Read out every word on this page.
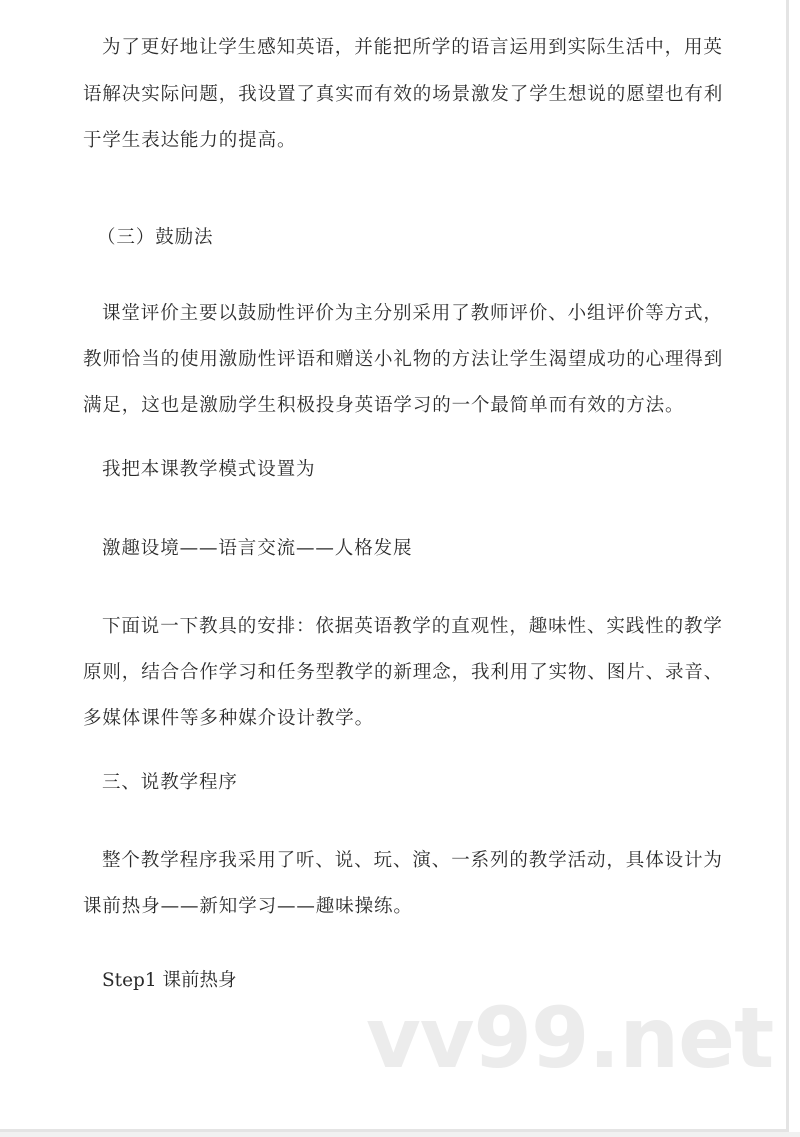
为了更好地让学生感知英语，并能把所学的语言运用到实际生活中，用英
语解决实际问题，我设置了真实而有效的场景激发了学生想说的愿望也有利
于学生表达能力的提高。
（三）鼓励法
课堂评价主要以鼓励性评价为主分别采用了教师评价、小组评价等方式，
教师恰当的使用激励性评语和赠送小礼物的方法让学生渴望成功的心理得到
满足，这也是激励学生积极投身英语学习的一个最简单而有效的方法。
我把本课教学模式设置为
激趣设境——语言交流——人格发展
下面说一下教具的安排：依据英语教学的直观性，趣味性、实践性的教学
原则，结合合作学习和任务型教学的新理念，我利用了实物、图片、录音、
多媒体课件等多种媒介设计教学。
三、说教学程序
整个教学程序我采用了听、说、玩、演、一系列的教学活动，具体设计为
课前热身——新知学习——趣味操练。
Step1 课前热身
vv99.net
